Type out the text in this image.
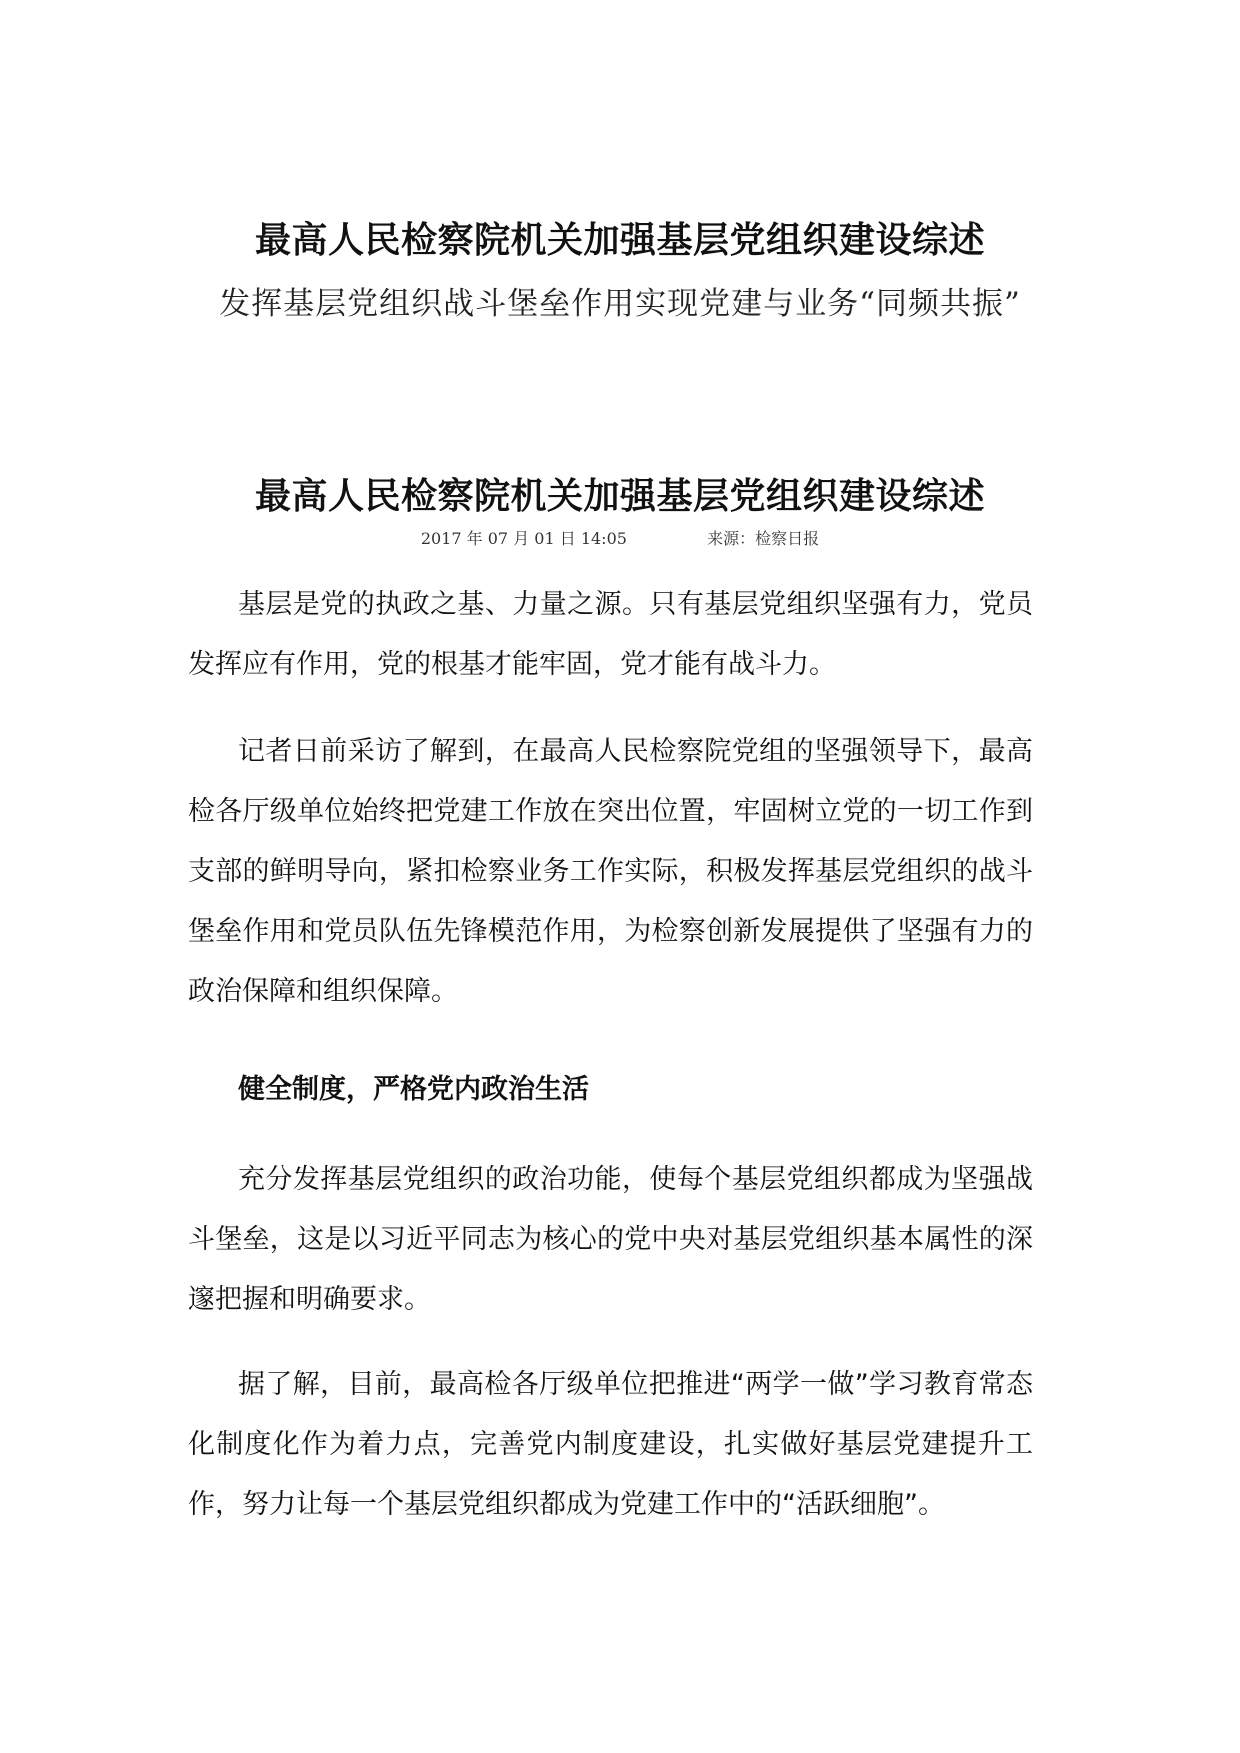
最高人民检察院机关加强基层党组织建设综述
发挥基层党组织战斗堡垒作用实现党建与业务“同频共振”
最高人民检察院机关加强基层党组织建设综述
2017 年 07 月 01 日 14:05	来源：检察日报

基层是党的执政之基、力量之源。只有基层党组织坚强有力，党员发挥应有作用，党的根基才能牢固，党才能有战斗力。

记者日前采访了解到，在最高人民检察院党组的坚强领导下，最高检各厅级单位始终把党建工作放在突出位置，牢固树立党的一切工作到支部的鲜明导向，紧扣检察业务工作实际，积极发挥基层党组织的战斗堡垒作用和党员队伍先锋模范作用，为检察创新发展提供了坚强有力的政治保障和组织保障。

健全制度，严格党内政治生活

充分发挥基层党组织的政治功能，使每个基层党组织都成为坚强战斗堡垒，这是以习近平同志为核心的党中央对基层党组织基本属性的深邃把握和明确要求。

据了解，目前，最高检各厅级单位把推进“两学一做”学习教育常态化制度化作为着力点，完善党内制度建设，扎实做好基层党建提升工作，努力让每一个基层党组织都成为党建工作中的“活跃细胞”。
